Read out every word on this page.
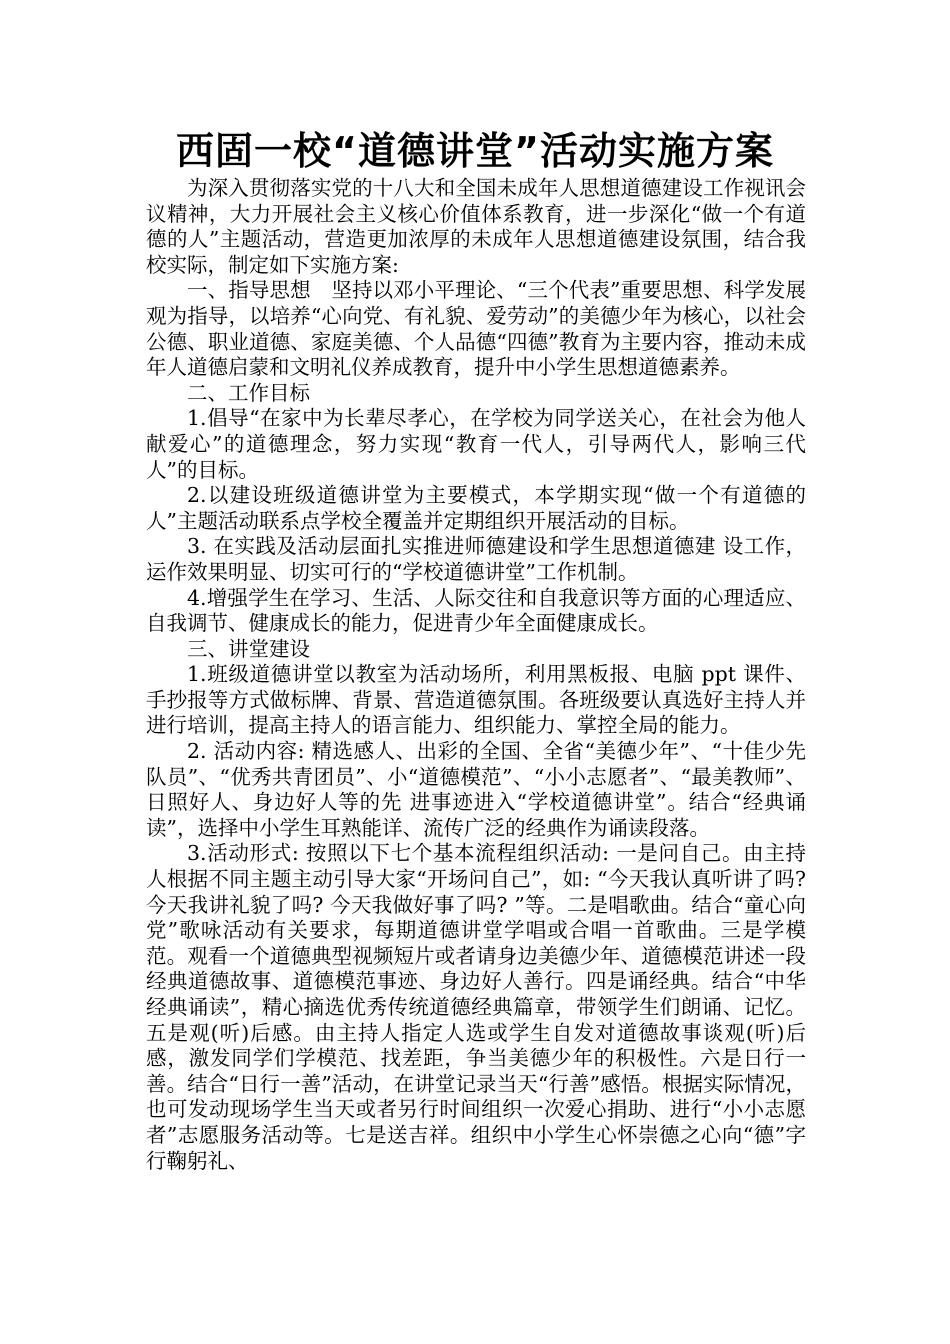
西固一校“道德讲堂”活动实施方案

为深入贯彻落实党的十八大和全国未成年人思想道德建设工作视讯会议精神，大力开展社会主义核心价值体系教育，进一步深化“做一个有道德的人”主题活动，营造更加浓厚的未成年人思想道德建设氛围，结合我校实际，制定如下实施方案:

一、指导思想　坚持以邓小平理论、“三个代表”重要思想、科学发展观为指导，以培养“心向党、有礼貌、爱劳动”的美德少年为核心，以社会公德、职业道德、家庭美德、个人品德“四德”教育为主要内容，推动未成年人道德启蒙和文明礼仪养成教育，提升中小学生思想道德素养。

二、工作目标

1.倡导“在家中为长辈尽孝心，在学校为同学送关心，在社会为他人献爱心”的道德理念，努力实现“教育一代人，引导两代人，影响三代人”的目标。

2.以建设班级道德讲堂为主要模式，本学期实现“做一个有道德的人”主题活动联系点学校全覆盖并定期组织开展活动的目标。

3. 在实践及活动层面扎实推进师德建设和学生思想道德建 设工作，运作效果明显、切实可行的“学校道德讲堂”工作机制。

4.增强学生在学习、生活、人际交往和自我意识等方面的心理适应、自我调节、健康成长的能力，促进青少年全面健康成长。

三、讲堂建设

1.班级道德讲堂以教室为活动场所，利用黑板报、电脑 ppt 课件、手抄报等方式做标牌、背景、营造道德氛围。各班级要认真选好主持人并进行培训，提高主持人的语言能力、组织能力、掌控全局的能力。

2. 活动内容: 精选感人、出彩的全国、全省“美德少年”、“十佳少先队员”、“优秀共青团员”、小“道德模范”、“小小志愿者”、“最美教师”、日照好人、身边好人等的先 进事迹进入“学校道德讲堂”。结合“经典诵读”，选择中小学生耳熟能详、流传广泛的经典作为诵读段落。

3.活动形式: 按照以下七个基本流程组织活动: 一是问自己。由主持人根据不同主题主动引导大家“开场问自己”，如: “今天我认真听讲了吗? 今天我讲礼貌了吗? 今天我做好事了吗? ”等。二是唱歌曲。结合“童心向党”歌咏活动有关要求，每期道德讲堂学唱或合唱一首歌曲。三是学模范。观看一个道德典型视频短片或者请身边美德少年、道德模范讲述一段经典道德故事、道德模范事迹、身边好人善行。四是诵经典。结合“中华经典诵读”，精心摘选优秀传统道德经典篇章，带领学生们朗诵、记忆。五是观(听)后感。由主持人指定人选或学生自发对道德故事谈观(听)后感，激发同学们学模范、找差距，争当美德少年的积极性。六是日行一善。结合“日行一善”活动，在讲堂记录当天“行善”感悟。根据实际情况，也可发动现场学生当天或者另行时间组织一次爱心捐助、进行“小小志愿者”志愿服务活动等。七是送吉祥。组织中小学生心怀崇德之心向“德”字行鞠躬礼、
